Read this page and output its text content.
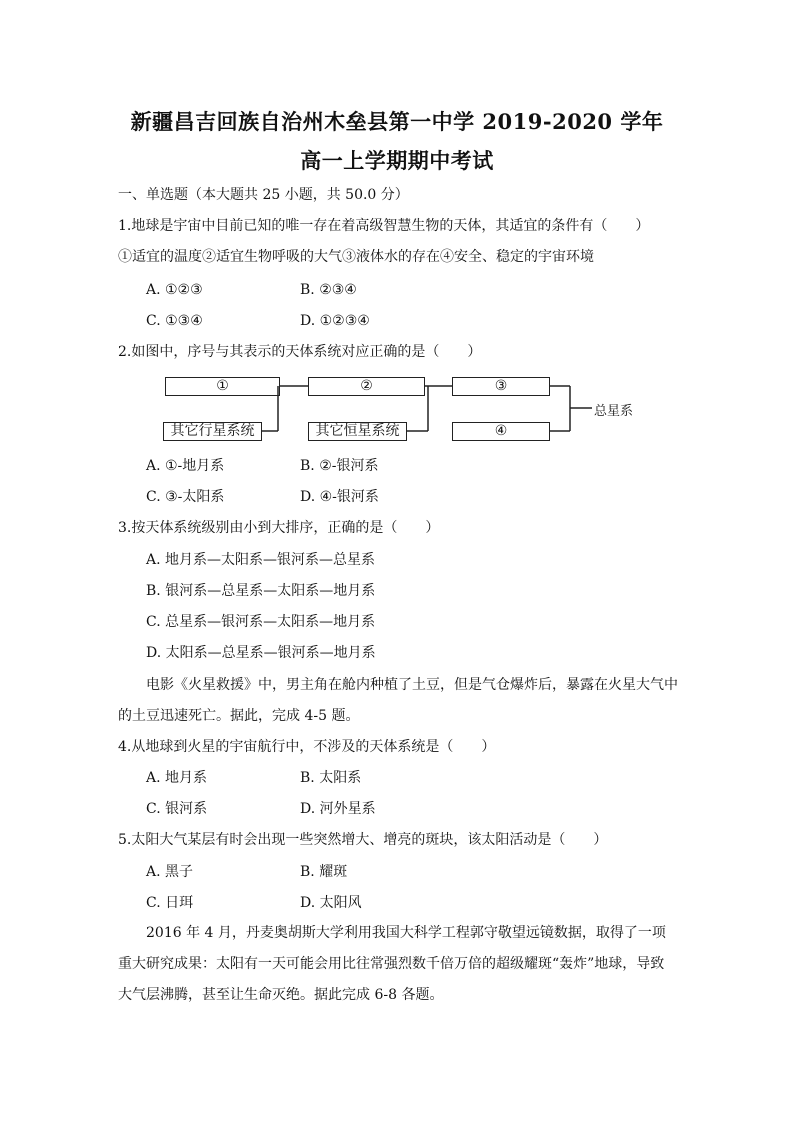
新疆昌吉回族自治州木垒县第一中学 2019-2020 学年
高一上学期期中考试
一、单选题（本大题共 25 小题，共 50.0 分）
1.地球是宇宙中目前已知的唯一存在着高级智慧生物的天体，其适宜的条件有（　　）
①适宜的温度②适宜生物呼吸的大气③液体水的存在④安全、稳定的宇宙环境
A. ①②③	B. ②③④
C. ①③④	D. ①②③④
2.如图中，序号与其表示的天体系统对应正确的是（　　）
①	②	③
其它行星系统	其它恒星系统	④
总星系
A. ①-地月系	B. ②-银河系
C. ③-太阳系	D. ④-银河系
3.按天体系统级别由小到大排序，正确的是（　　）
A. 地月系—太阳系—银河系—总星系
B. 银河系—总星系—太阳系—地月系
C. 总星系—银河系—太阳系—地月系
D. 太阳系—总星系—银河系—地月系
电影《火星救援》中，男主角在舱内种植了土豆，但是气仓爆炸后，暴露在火星大气中的土豆迅速死亡。据此，完成 4-5 题。
4.从地球到火星的宇宙航行中，不涉及的天体系统是（　　）
A. 地月系	B. 太阳系
C. 银河系	D. 河外星系
5.太阳大气某层有时会出现一些突然增大、增亮的斑块，该太阳活动是（　　）
A. 黑子	B. 耀斑
C. 日珥	D. 太阳风
2016 年 4 月，丹麦奥胡斯大学利用我国大科学工程郭守敬望远镜数据，取得了一项重大研究成果：太阳有一天可能会用比往常强烈数千倍万倍的超级耀斑“轰炸”地球，导致大气层沸腾，甚至让生命灭绝。据此完成 6-8 各题。
